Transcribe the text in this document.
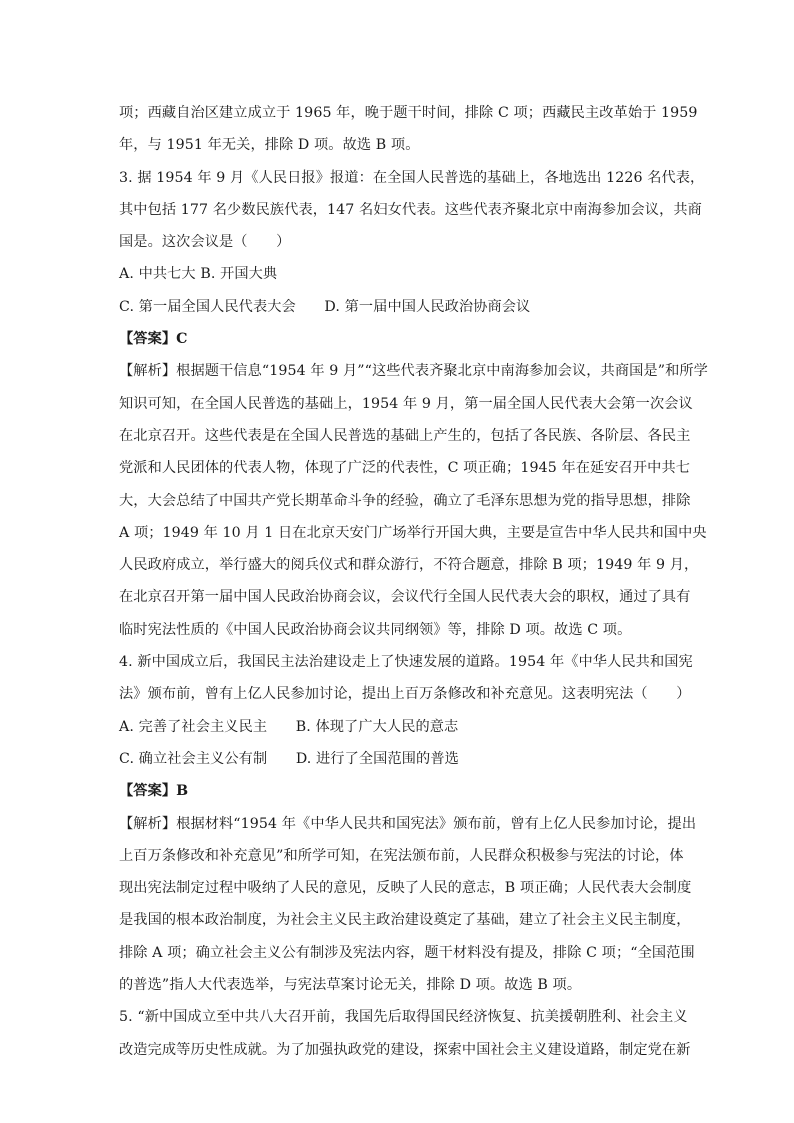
项；西藏自治区建立成立于 1965 年，晚于题干时间，排除 C 项；西藏民主改革始于 1959
年，与 1951 年无关，排除 D 项。故选 B 项。
3. 据 1954 年 9 月《人民日报》报道：在全国人民普选的基础上，各地选出 1226 名代表，
其中包括 177 名少数民族代表，147 名妇女代表。这些代表齐聚北京中南海参加会议，共商
国是。这次会议是（　　）
A. 中共七大 B. 开国大典
C. 第一届全国人民代表大会　　D. 第一届中国人民政治协商会议
【答案】C
【解析】根据题干信息“1954 年 9 月”“这些代表齐聚北京中南海参加会议，共商国是”和所学
知识可知，在全国人民普选的基础上，1954 年 9 月，第一届全国人民代表大会第一次会议
在北京召开。这些代表是在全国人民普选的基础上产生的，包括了各民族、各阶层、各民主
党派和人民团体的代表人物，体现了广泛的代表性，C 项正确；1945 年在延安召开中共七
大，大会总结了中国共产党长期革命斗争的经验，确立了毛泽东思想为党的指导思想，排除
A 项；1949 年 10 月 1 日在北京天安门广场举行开国大典，主要是宣告中华人民共和国中央
人民政府成立，举行盛大的阅兵仪式和群众游行，不符合题意，排除 B 项；1949 年 9 月，
在北京召开第一届中国人民政治协商会议，会议代行全国人民代表大会的职权，通过了具有
临时宪法性质的《中国人民政治协商会议共同纲领》等，排除 D 项。故选 C 项。
4. 新中国成立后，我国民主法治建设走上了快速发展的道路。1954 年《中华人民共和国宪
法》颁布前，曾有上亿人民参加讨论，提出上百万条修改和补充意见。这表明宪法（　　）
A. 完善了社会主义民主　　B. 体现了广大人民的意志
C. 确立社会主义公有制　　D. 进行了全国范围的普选
【答案】B
【解析】根据材料“1954 年《中华人民共和国宪法》颁布前，曾有上亿人民参加讨论，提出
上百万条修改和补充意见”和所学可知，在宪法颁布前，人民群众积极参与宪法的讨论，体
现出宪法制定过程中吸纳了人民的意见，反映了人民的意志，B 项正确；人民代表大会制度
是我国的根本政治制度，为社会主义民主政治建设奠定了基础，建立了社会主义民主制度，
排除 A 项；确立社会主义公有制涉及宪法内容，题干材料没有提及，排除 C 项；“全国范围
的普选”指人大代表选举，与宪法草案讨论无关，排除 D 项。故选 B 项。
5. “新中国成立至中共八大召开前，我国先后取得国民经济恢复、抗美援朝胜利、社会主义
改造完成等历史性成就。为了加强执政党的建设，探索中国社会主义建设道路，制定党在新
